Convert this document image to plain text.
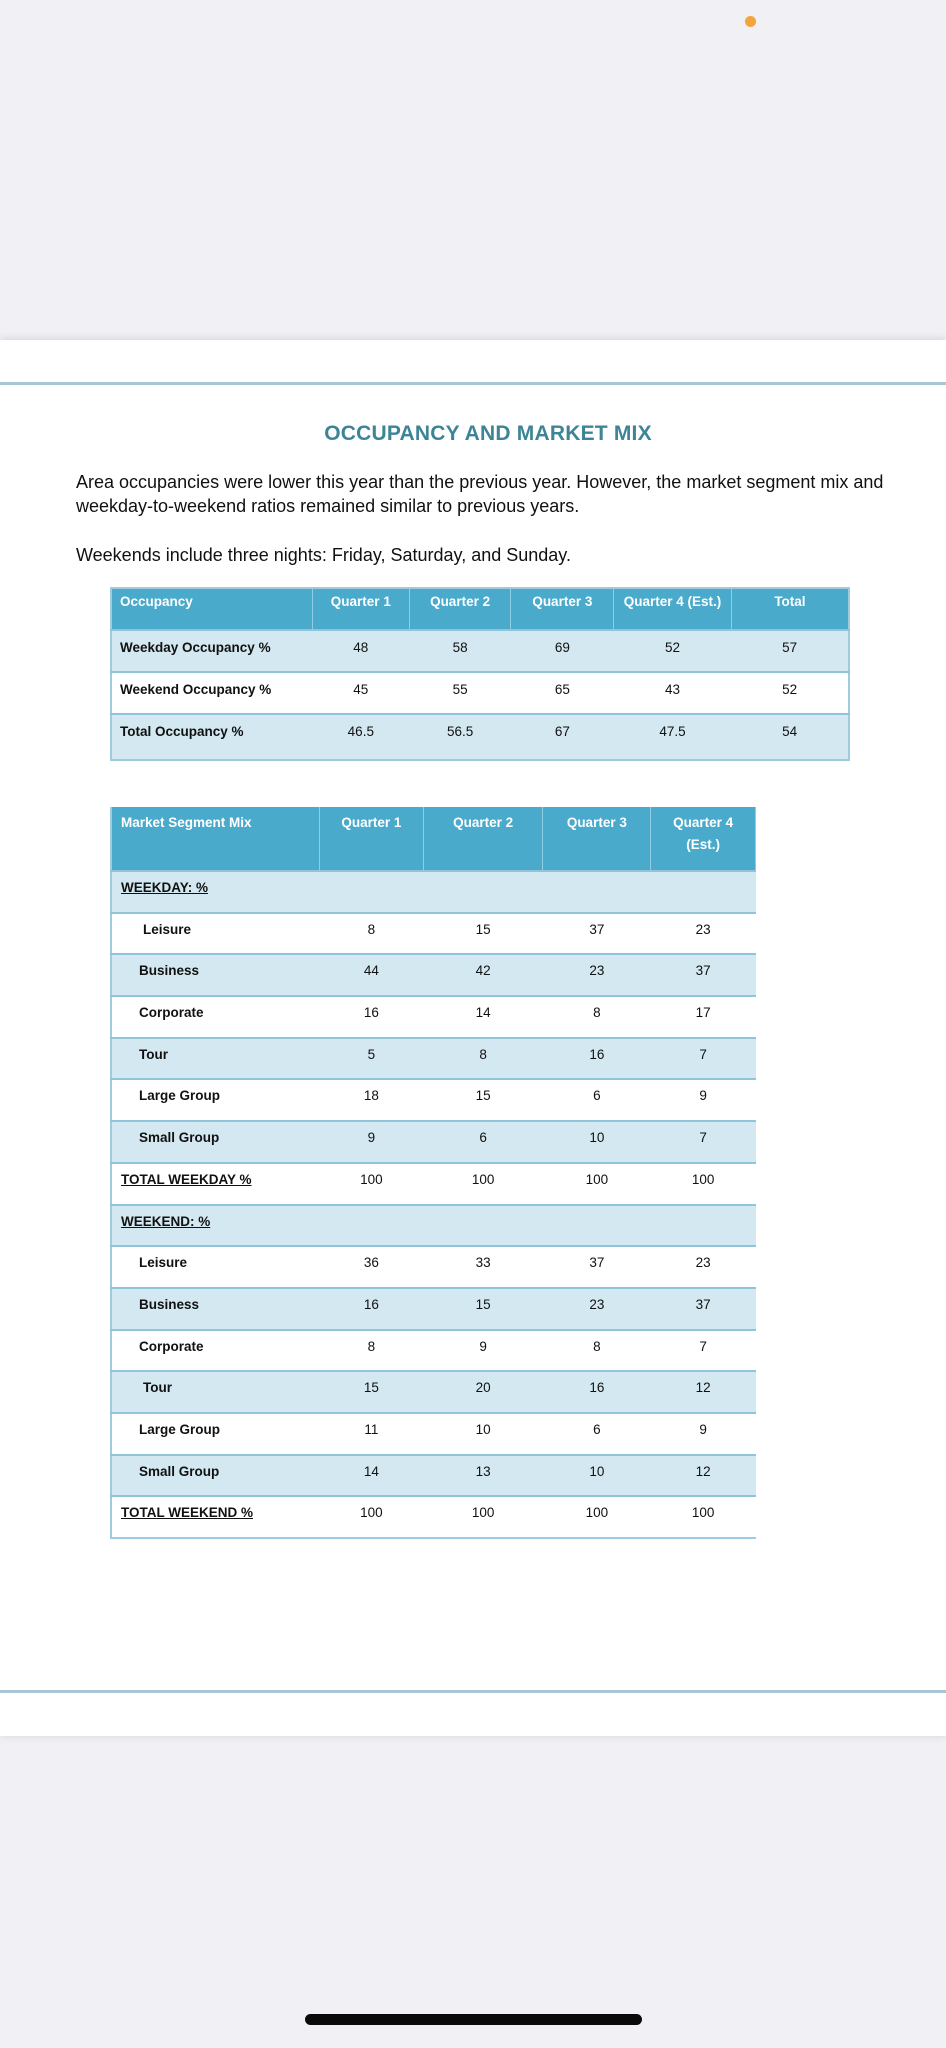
OCCUPANCY AND MARKET MIX

Area occupancies were lower this year than the previous year. However, the market segment mix and weekday-to-weekend ratios remained similar to previous years.

Weekends include three nights: Friday, Saturday, and Sunday.

Occupancy	Quarter 1	Quarter 2	Quarter 3	Quarter 4 (Est.)	Total
Weekday Occupancy %	48	58	69	52	57
Weekend Occupancy %	45	55	65	43	52
Total Occupancy %	46.5	56.5	67	47.5	54
Market Segment Mix	Quarter 1	Quarter 2	Quarter 3	Quarter 4
(Est.)
WEEKDAY: %				
Leisure	8	15	37	23
Business	44	42	23	37
Corporate	16	14	8	17
Tour	5	8	16	7
Large Group	18	15	6	9
Small Group	9	6	10	7
TOTAL WEEKDAY %	100	100	100	100
WEEKEND: %				
Leisure	36	33	37	23
Business	16	15	23	37
Corporate	8	9	8	7
Tour	15	20	16	12
Large Group	11	10	6	9
Small Group	14	13	10	12
TOTAL WEEKEND %	100	100	100	100
